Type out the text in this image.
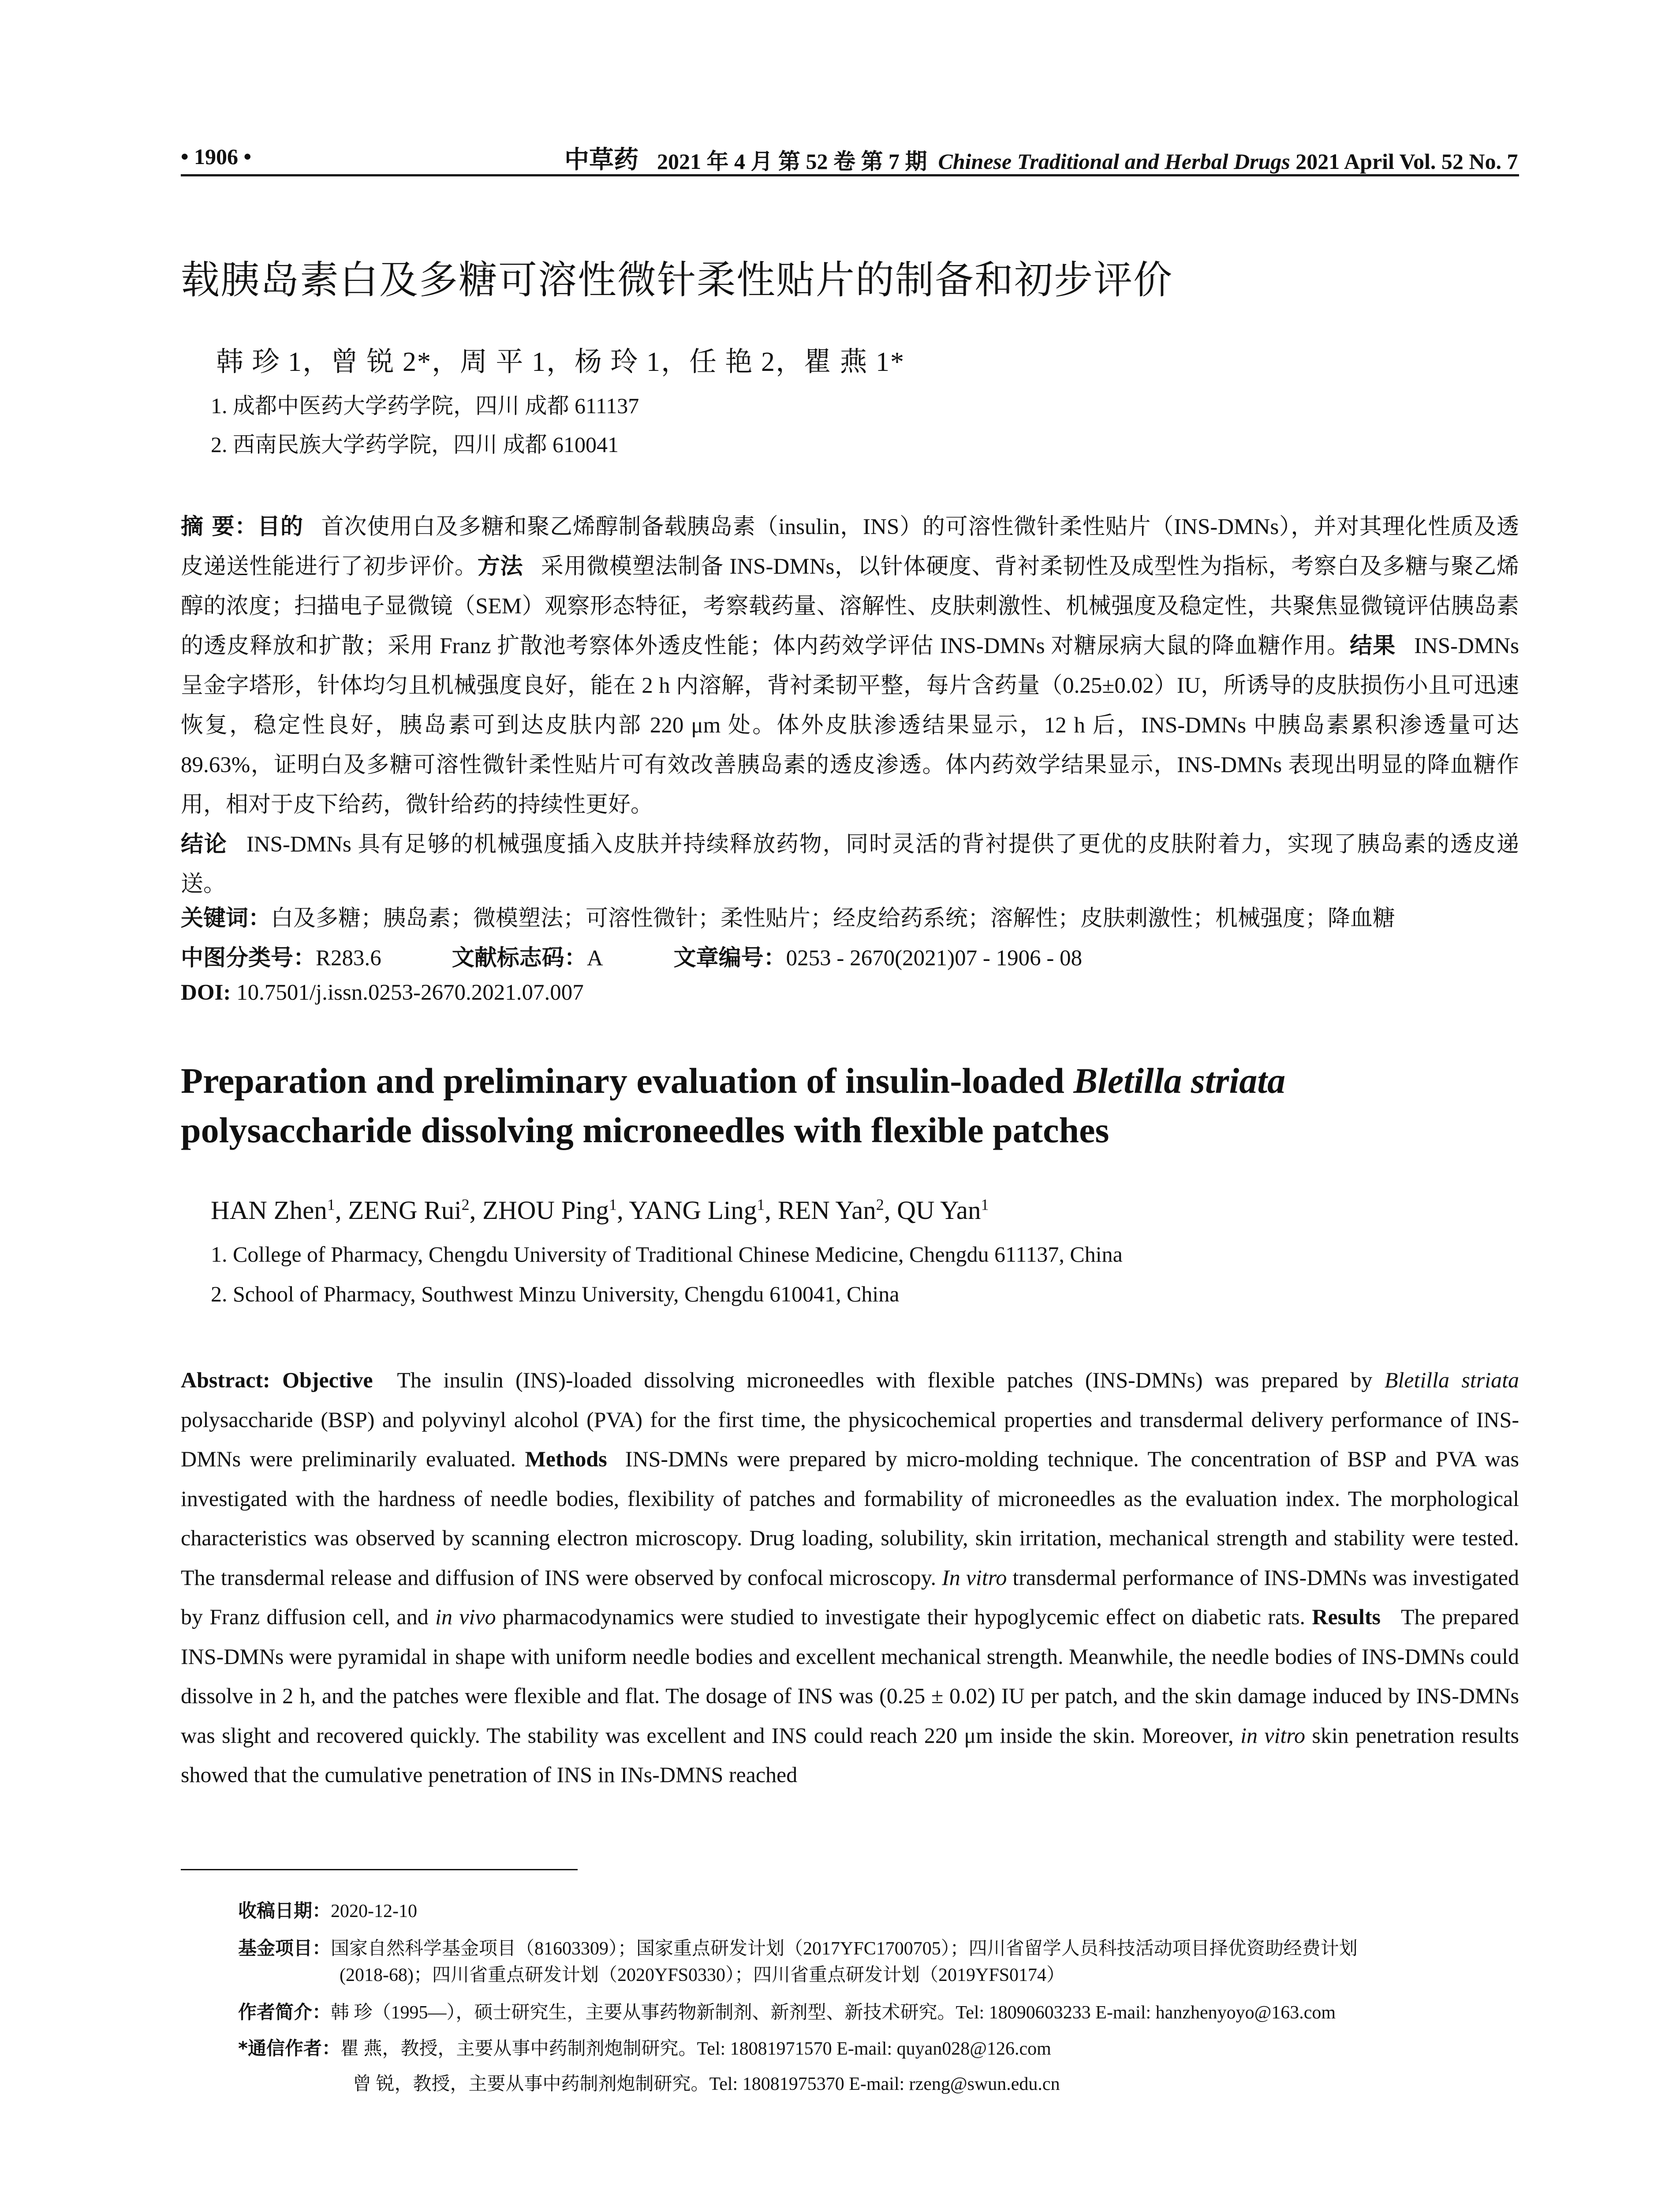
• 1906 •	中草药 2021 年 4 月 第 52 卷 第 7 期 Chinese Traditional and Herbal Drugs 2021 April Vol. 52 No. 7
载胰岛素白及多糖可溶性微针柔性贴片的制备和初步评价
韩 珍 1，曾 锐 2*，周 平 1，杨 玲 1，任 艳 2，瞿 燕 1*
1. 成都中医药大学药学院，四川 成都 611137
2. 西南民族大学药学院，四川 成都 610041
摘 要：目的 首次使用白及多糖和聚乙烯醇制备载胰岛素（insulin，INS）的可溶性微针柔性贴片（INS-DMNs），并对其理化性质及透皮递送性能进行了初步评价。方法 采用微模塑法制备 INS-DMNs，以针体硬度、背衬柔韧性及成型性为指标，考察白及多糖与聚乙烯醇的浓度；扫描电子显微镜（SEM）观察形态特征，考察载药量、溶解性、皮肤刺激性、机械强度及稳定性，共聚焦显微镜评估胰岛素的透皮释放和扩散；采用 Franz 扩散池考察体外透皮性能；体内药效学评估 INS-DMNs 对糖尿病大鼠的降血糖作用。结果 INS-DMNs 呈金字塔形，针体均匀且机械强度良好，能在 2 h 内溶解，背衬柔韧平整，每片含药量（0.25±0.02）IU，所诱导的皮肤损伤小且可迅速恢复，稳定性良好，胰岛素可到达皮肤内部 220 μm 处。体外皮肤渗透结果显示，12 h 后，INS-DMNs 中胰岛素累积渗透量可达 89.63%，证明白及多糖可溶性微针柔性贴片可有效改善胰岛素的透皮渗透。体内药效学结果显示，INS-DMNs 表现出明显的降血糖作用，相对于皮下给药，微针给药的持续性更好。
结论 INS-DMNs 具有足够的机械强度插入皮肤并持续释放药物，同时灵活的背衬提供了更优的皮肤附着力，实现了胰岛素的透皮递送。
关键词：白及多糖；胰岛素；微模塑法；可溶性微针；柔性贴片；经皮给药系统；溶解性；皮肤刺激性；机械强度；降血糖
中图分类号：R283.6	文献标志码：A	文章编号：0253 - 2670(2021)07 - 1906 - 08
DOI: 10.7501/j.issn.0253-2670.2021.07.007
Preparation and preliminary evaluation of insulin-loaded Bletilla striata
polysaccharide dissolving microneedles with flexible patches
HAN Zhen$^1$, ZENG Rui$^2$, ZHOU Ping$^1$, YANG Ling$^1$, REN Yan$^2$, QU Yan$^1$
1. College of Pharmacy, Chengdu University of Traditional Chinese Medicine, Chengdu 611137, China
2. School of Pharmacy, Southwest Minzu University, Chengdu 610041, China
Abstract: Objective The insulin (INS)-loaded dissolving microneedles with flexible patches (INS-DMNs) was prepared by Bletilla striata polysaccharide (BSP) and polyvinyl alcohol (PVA) for the first time, the physicochemical properties and transdermal delivery performance of INS-DMNs were preliminarily evaluated. Methods INS-DMNs were prepared by micro-molding technique. The concentration of BSP and PVA was investigated with the hardness of needle bodies, flexibility of patches and formability of microneedles as the evaluation index. The morphological characteristics was observed by scanning electron microscopy. Drug loading, solubility, skin irritation, mechanical strength and stability were tested. The transdermal release and diffusion of INS were observed by confocal microscopy. In vitro transdermal performance of INS-DMNs was investigated by Franz diffusion cell, and in vivo pharmacodynamics were studied to investigate their hypoglycemic effect on diabetic rats. Results The prepared INS-DMNs were pyramidal in shape with uniform needle bodies and excellent mechanical strength. Meanwhile, the needle bodies of INS-DMNs could dissolve in 2 h, and the patches were flexible and flat. The dosage of INS was (0.25 ± 0.02) IU per patch, and the skin damage induced by INS-DMNs was slight and recovered quickly. The stability was excellent and INS could reach 220 μm inside the skin. Moreover, in vitro skin penetration results showed that the cumulative penetration of INS in INs-DMNS reached
收稿日期：2020-12-10
基金项目：国家自然科学基金项目（81603309）；国家重点研发计划（2017YFC1700705）；四川省留学人员科技活动项目择优资助经费计划
(2018-68)；四川省重点研发计划（2020YFS0330）；四川省重点研发计划（2019YFS0174）
作者简介：韩 珍（1995—），硕士研究生，主要从事药物新制剂、新剂型、新技术研究。Tel: 18090603233 E-mail: hanzhenyoyo@163.com
*通信作者：瞿 燕，教授，主要从事中药制剂炮制研究。Tel: 18081971570 E-mail: quyan028@126.com
曾 锐，教授，主要从事中药制剂炮制研究。Tel: 18081975370 E-mail: rzeng@swun.edu.cn
